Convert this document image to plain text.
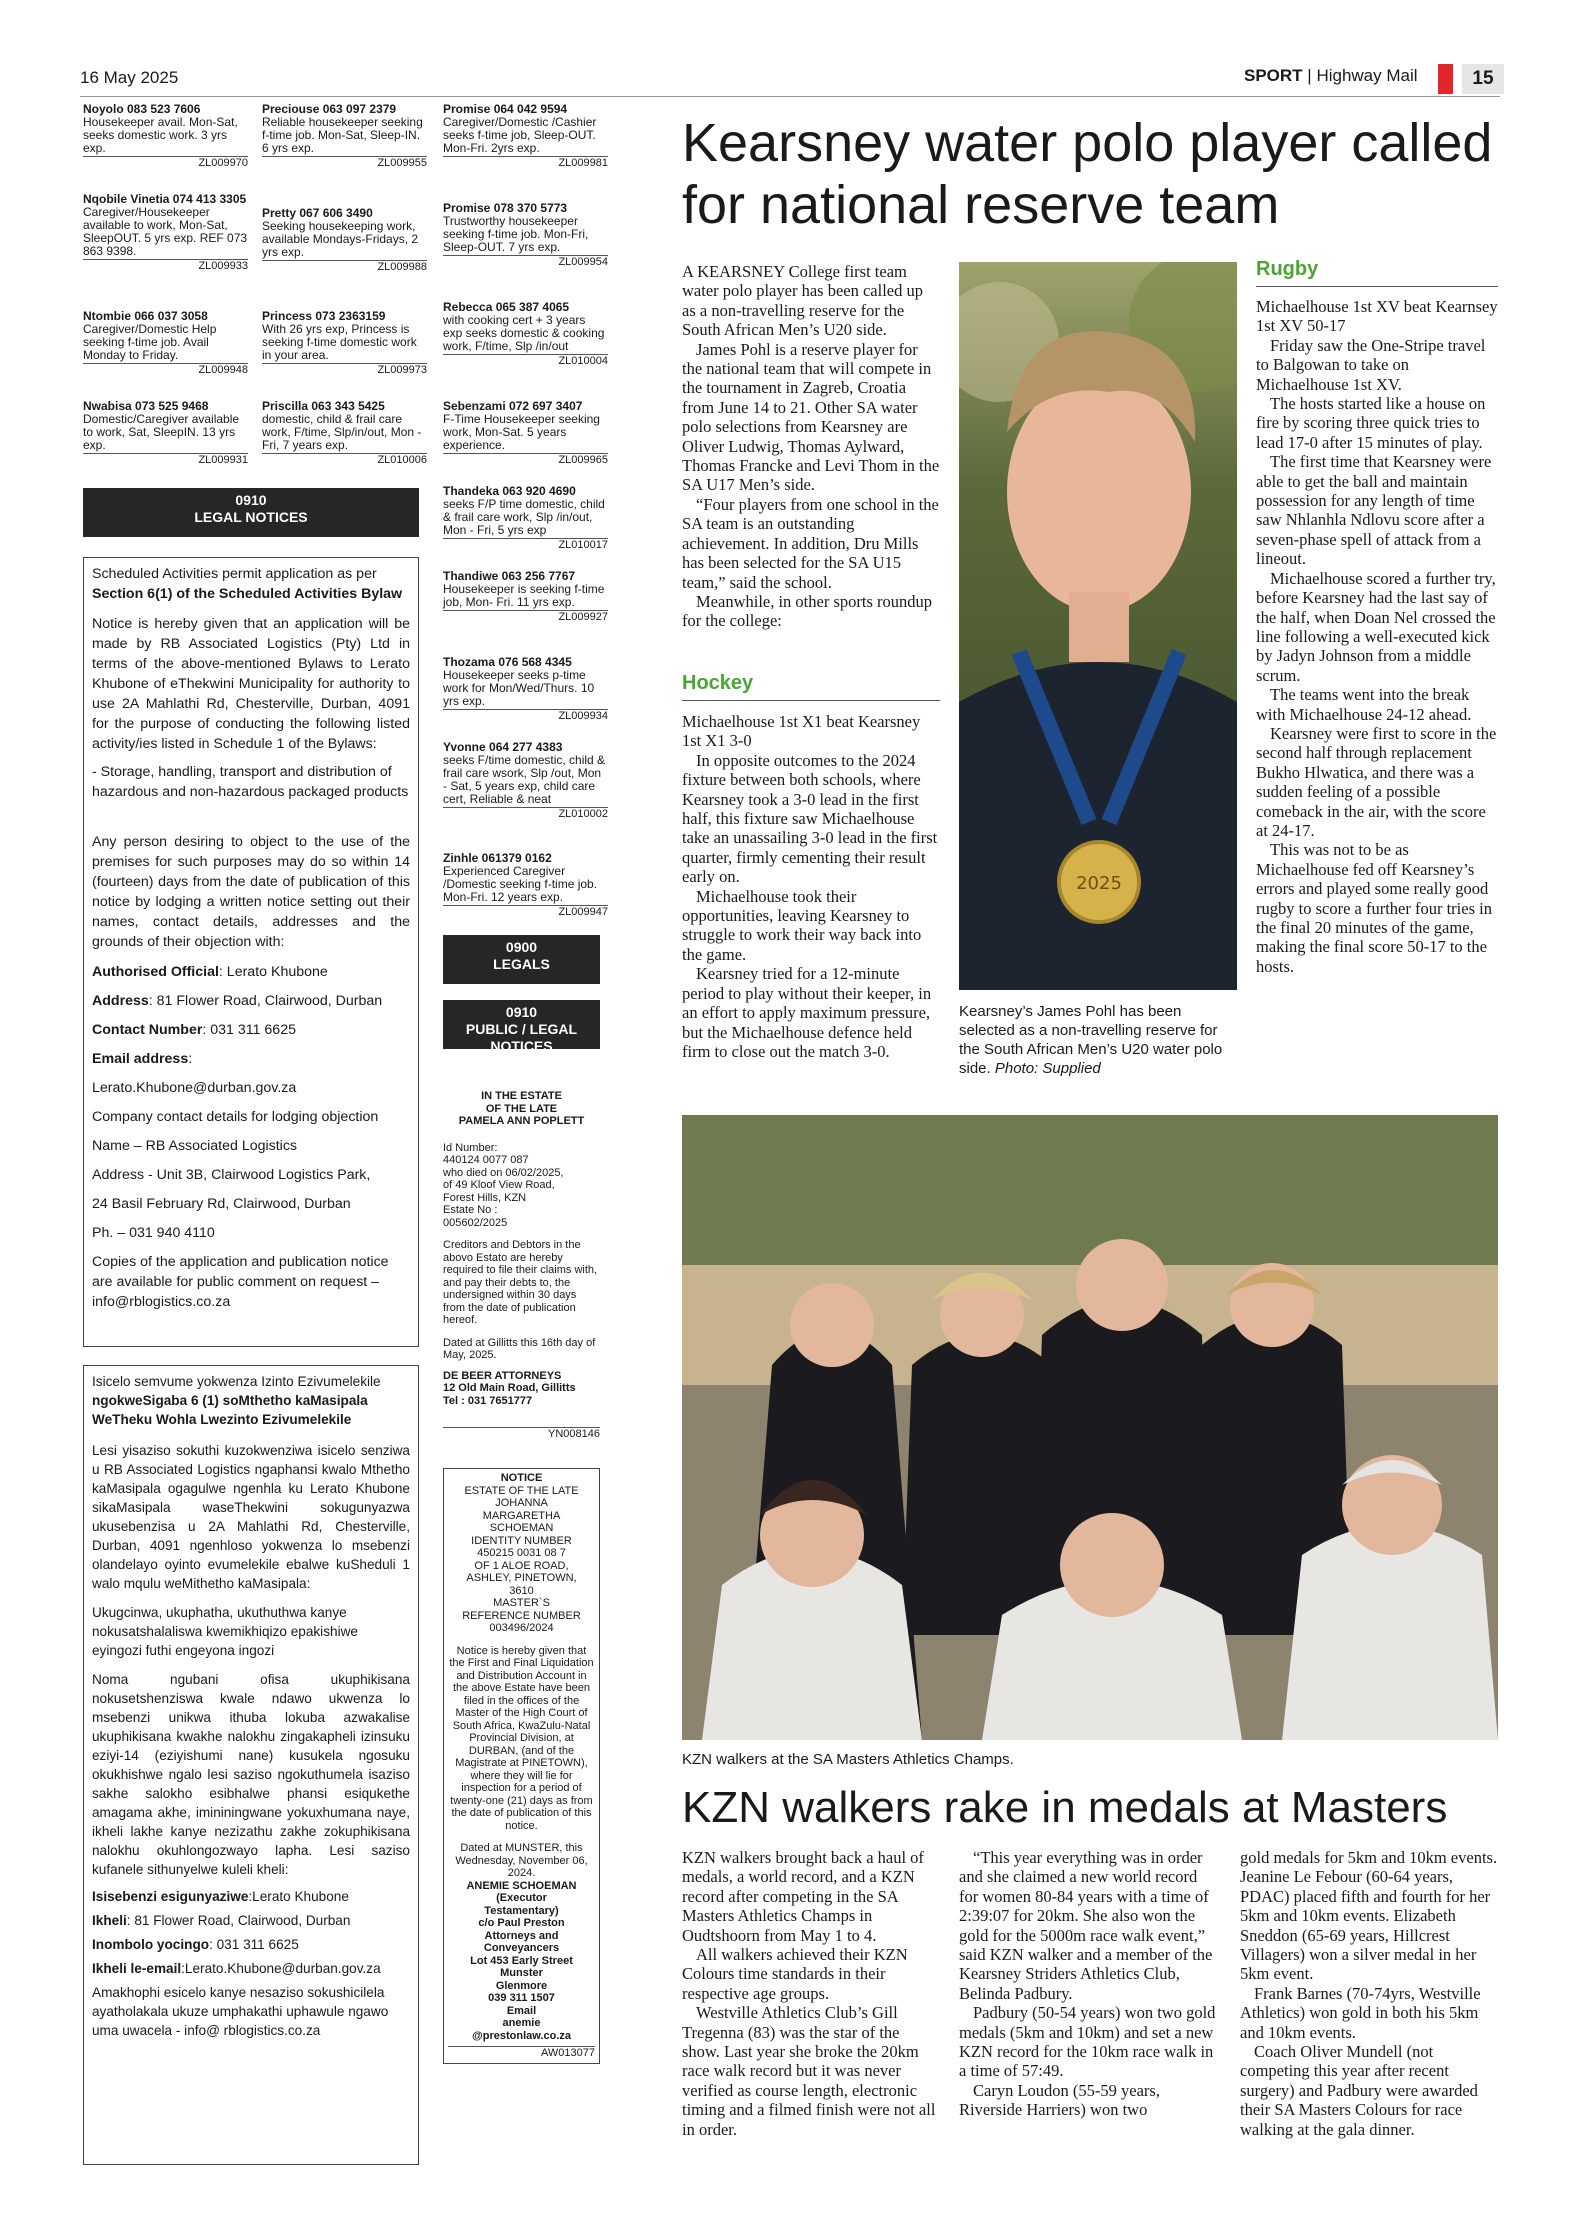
16 May 2025	SPORT | Highway Mail	15
Noyolo 083 523 7606
Housekeeper avail. Mon-Sat, seeks domestic work. 3 yrs exp.
ZL009970
Nqobile Vinetia 074 413 3305
Caregiver/Housekeeper available to work, Mon-Sat, SleepOUT. 5 yrs exp. REF 073 863 9398.
ZL009933
Ntombie 066 037 3058
Caregiver/Domestic Help seeking f-time job. Avail Monday to Friday.
ZL009948
Nwabisa 073 525 9468
Domestic/Caregiver available to work, Sat, SleepIN. 13 yrs exp.
ZL009931
Preciouse 063 097 2379
Reliable housekeeper seeking f-time job. Mon-Sat, Sleep-IN. 6 yrs exp.
ZL009955
Pretty 067 606 3490
Seeking housekeeping work, available Mondays-Fridays, 2 yrs exp.
ZL009988
Princess 073 2363159
With 26 yrs exp, Princess is seeking f-time domestic work in your area.
ZL009973
Priscilla 063 343 5425
domestic, child & frail care work, F/time, Slp/in/out, Mon - Fri, 7 years exp.
ZL010006
Promise 064 042 9594
Caregiver/Domestic /Cashier seeks f-time job, Sleep-OUT. Mon-Fri. 2yrs exp.
ZL009981
Promise 078 370 5773
Trustworthy housekeeper seeking f-time job. Mon-Fri, Sleep-OUT. 7 yrs exp.
ZL009954
Rebecca 065 387 4065
with cooking cert + 3 years exp seeks domestic & cooking work, F/time, Slp /in/out
ZL010004
Sebenzami 072 697 3407
F-Time Housekeeper seeking work, Mon-Sat. 5 years experience.
ZL009965
Thandeka 063 920 4690
seeks F/P time domestic, child & frail care work, Slp /in/out, Mon - Fri, 5 yrs exp
ZL010017
Thandiwe 063 256 7767
Housekeeper is seeking f-time job, Mon- Fri. 11 yrs exp.
ZL009927
Thozama 076 568 4345
Housekeeper seeks p-time work for Mon/Wed/Thurs. 10 yrs exp.
ZL009934
Yvonne 064 277 4383
seeks F/time domestic, child & frail care wsork, Slp /out, Mon - Sat, 5 years exp, child care cert, Reliable & neat
ZL010002
Zinhle 061379 0162
Experienced Caregiver /Domestic seeking f-time job. Mon-Fri. 12 years exp.
ZL009947
0910
LEGAL NOTICES
0900
LEGALS
0910
PUBLIC / LEGAL NOTICES

Scheduled Activities permit application as per Section 6(1) of the Scheduled Activities Bylaw

Notice is hereby given that an application will be made by RB Associated Logistics (Pty) Ltd in terms of the above-mentioned Bylaws to Lerato Khubone of eThekwini Municipality for authority to use 2A Mahlathi Rd, Chesterville, Durban, 4091 for the purpose of conducting the following listed activity/ies listed in Schedule 1 of the Bylaws:

- Storage, handling, transport and distribution of hazardous and non-hazardous packaged products

Any person desiring to object to the use of the premises for such purposes may do so within 14 (fourteen) days from the date of publication of this notice by lodging a written notice setting out their names, contact details, addresses and the grounds of their objection with:

Authorised Official: Lerato Khubone

Address: 81 Flower Road, Clairwood, Durban

Contact Number: 031 311 6625

Email address:

Lerato.Khubone@durban.gov.za

Company contact details for lodging objection

Name – RB Associated Logistics

Address - Unit 3B, Clairwood Logistics Park,

24 Basil February Rd, Clairwood, Durban

Ph. – 031 940 4110

Copies of the application and publication notice are available for public comment on request – info@rblogistics.co.za

Isicelo semvume yokwenza Izinto Ezivumelekile ngokweSigaba 6 (1) soMthetho kaMasipala WeTheku Wohla Lwezinto Ezivumelekile

Lesi yisaziso sokuthi kuzokwenziwa isicelo senziwa u RB Associated Logistics ngaphansi kwalo Mthetho kaMasipala ogagulwe ngenhla ku Lerato Khubone sikaMasipala waseThekwini sokugunyazwa ukusebenzisa u 2A Mahlathi Rd, Chesterville, Durban, 4091 ngenhloso yokwenza lo msebenzi olandelayo oyinto evumelekile ebalwe kuSheduli 1 walo mqulu weMithetho kaMasipala:

Ukugcinwa, ukuphatha, ukuthuthwa kanye nokusatshalaliswa kwemikhiqizo epakishiwe eyingozi futhi engeyona ingozi

Noma ngubani ofisa ukuphikisana nokusetshenziswa kwale ndawo ukwenza lo msebenzi unikwa ithuba lokuba azwakalise ukuphikisana kwakhe nalokhu zingakapheli izinsuku eziyi-14 (eziyishumi nane) kusukela ngosuku okukhishwe ngalo lesi saziso ngokuthumela isaziso sakhe salokho esibhalwe phansi esiqukethe amagama akhe, imininingwane yokuxhumana naye, ikheli lakhe kanye nezizathu zakhe zokuphikisana nalokhu okuhlongozwayo lapha. Lesi saziso kufanele sithunyelwe kuleli kheli:

Isisebenzi esigunyaziwe:Lerato Khubone

Ikheli: 81 Flower Road, Clairwood, Durban

Inombolo yocingo: 031 311 6625

Ikheli le-email:Lerato.Khubone@durban.gov.za

Amakhophi esicelo kanye nesaziso sokushicilela ayatholakala ukuze umphakathi uphawule ngawo uma uwacela - info@ rblogistics.co.za

IN THE ESTATE
OF THE LATE
PAMELA ANN POPLETT
Id Number:
440124 0077 087
who died on 06/02/2025,
of 49 Kloof View Road,
Forest Hills, KZN
Estate No :
005602/2025
Creditors and Debtors in the abovo Estato are hereby required to file their claims with, and pay their debts to, the undersigned within 30 days from the date of publication hereof.
Dated at Gillitts this 16th day of May, 2025.
DE BEER ATTORNEYS
12 Old Main Road, Gillitts
Tel : 031 7651777
YN008146
NOTICE
ESTATE OF THE LATE
JOHANNA
MARGARETHA
SCHOEMAN
IDENTITY NUMBER
450215 0031 08 7
OF 1 ALOE ROAD,
ASHLEY, PINETOWN,
3610
MASTER`S
REFERENCE NUMBER
003496/2024
Notice is hereby given that the First and Final Liquidation and Distribution Account in the above Estate have been filed in the offices of the Master of the High Court of South Africa, KwaZulu-Natal Provincial Division, at DURBAN, (and of the Magistrate at PINETOWN), where they will lie for inspection for a period of twenty-one (21) days as from the date of publication of this notice.
Dated at MUNSTER, this Wednesday, November 06, 2024.
ANEMIE SCHOEMAN
(Executor
Testamentary)
c/o Paul Preston
Attorneys and
Conveyancers
Lot 453 Early Street
Munster
Glenmore
039 311 1507
Email
anemie
@prestonlaw.co.za
AW013077
Kearsney water polo player called for national reserve team

A KEARSNEY College first team water polo player has been called up as a non-travelling reserve for the South African Men’s U20 side.

James Pohl is a reserve player for the national team that will compete in the tournament in Zagreb, Croatia from June 14 to 21. Other SA water polo selections from Kearsney are Oliver Ludwig, Thomas Aylward, Thomas Francke and Levi Thom in the SA U17 Men’s side.

“Four players from one school in the SA team is an outstanding achievement. In addition, Dru Mills has been selected for the SA U15 team,” said the school.

Meanwhile, in other sports roundup for the college:

Hockey

Michaelhouse 1st X1 beat Kearsney 1st X1 3-0

In opposite outcomes to the 2024 fixture between both schools, where Kearsney took a 3-0 lead in the first half, this fixture saw Michaelhouse take an unassailing 3-0 lead in the first quarter, firmly cementing their result early on.

Michaelhouse took their opportunities, leaving Kearsney to struggle to work their way back into the game.

Kearsney tried for a 12-minute period to play without their keeper, in an effort to apply maximum pressure, but the Michaelhouse defence held firm to close out the match 3-0.

2025
Kearsney’s James Pohl has been selected as a non-travelling reserve for the South African Men’s U20 water polo side. Photo: Supplied
Rugby

Michaelhouse 1st XV beat Kearnsey 1st XV 50-17

Friday saw the One-Stripe travel to Balgowan to take on Michaelhouse 1st XV.

The hosts started like a house on fire by scoring three quick tries to lead 17-0 after 15 minutes of play.

The first time that Kearsney were able to get the ball and maintain possession for any length of time saw Nhlanhla Ndlovu score after a seven-phase spell of attack from a lineout.

Michaelhouse scored a further try, before Kearsney had the last say of the half, when Doan Nel crossed the line following a well-executed kick by Jadyn Johnson from a middle scrum.

The teams went into the break with Michaelhouse 24-12 ahead.

Kearsney were first to score in the second half through replacement Bukho Hlwatica, and there was a sudden feeling of a possible comeback in the air, with the score at 24-17.

This was not to be as Michaelhouse fed off Kearsney’s errors and played some really good rugby to score a further four tries in the final 20 minutes of the game, making the final score 50-17 to the hosts.

KZN walkers at the SA Masters Athletics Champs.
KZN walkers rake in medals at Masters

KZN walkers brought back a haul of medals, a world record, and a KZN record after competing in the SA Masters Athletics Champs in Oudtshoorn from May 1 to 4.

All walkers achieved their KZN Colours time standards in their respective age groups.

Westville Athletics Club’s Gill Tregenna (83) was the star of the show. Last year she broke the 20km race walk record but it was never verified as course length, electronic timing and a filmed finish were not all in order.

“This year everything was in order and she claimed a new world record for women 80-84 years with a time of 2:39:07 for 20km. She also won the gold for the 5000m race walk event,” said KZN walker and a member of the Kearsney Striders Athletics Club, Belinda Padbury.

Padbury (50-54 years) won two gold medals (5km and 10km) and set a new KZN record for the 10km race walk in a time of 57:49.

Caryn Loudon (55-59 years, Riverside Harriers) won two

gold medals for 5km and 10km events. Jeanine Le Febour (60-64 years, PDAC) placed fifth and fourth for her 5km and 10km events. Elizabeth Sneddon (65-69 years, Hillcrest Villagers) won a silver medal in her 5km event.

Frank Barnes (70-74yrs, Westville Athletics) won gold in both his 5km and 10km events.

Coach Oliver Mundell (not competing this year after recent surgery) and Padbury were awarded their SA Masters Colours for race walking at the gala dinner.
